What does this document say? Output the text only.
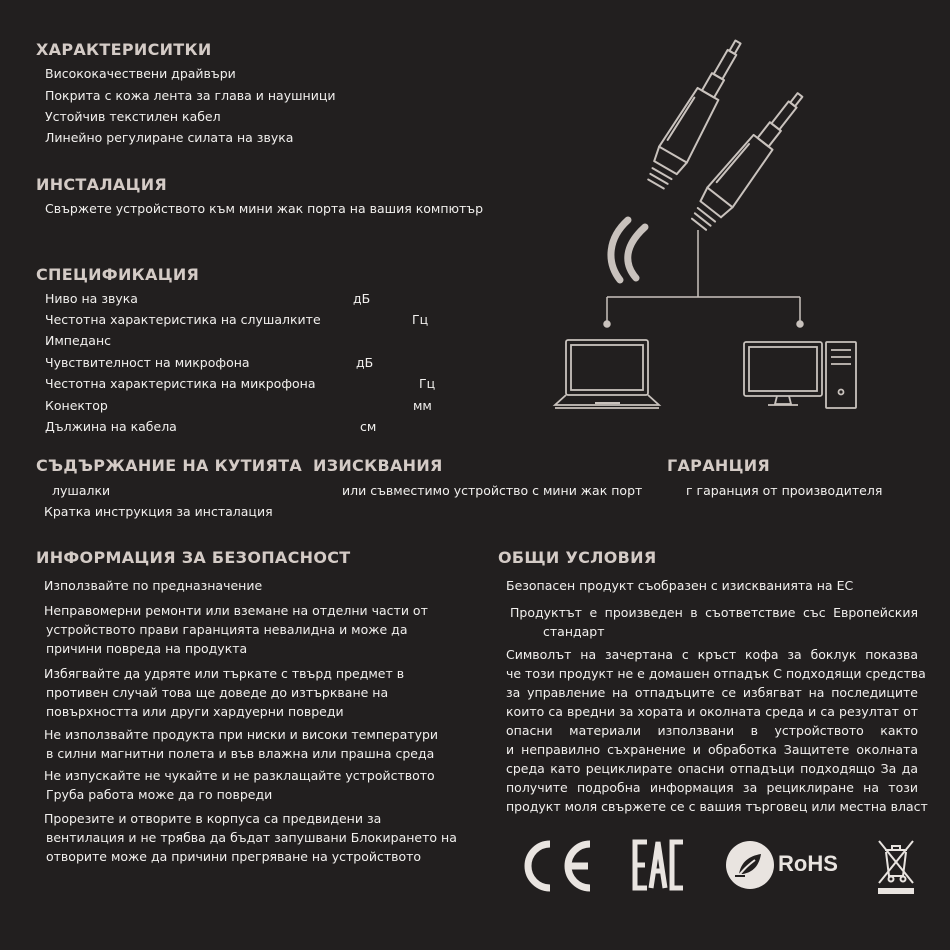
ХАРАКТЕРИСИТКИ
Висококачествени драйвъри
Покрита с кожа лента за глава и наушници
Устойчив текстилен кабел
Линейно регулиране силата на звука
ИНСТАЛАЦИЯ
Свържете устройството към мини жак порта на вашия компютър
СПЕЦИФИКАЦИЯ
Ниво на звука	дБ
Честотна характеристика на слушалките	Гц
Импеданс
Чувствителност на микрофона	дБ
Честотна характеристика на микрофона	Гц
Конектор	мм
Дължина на кабела	см
СЪДЪРЖАНИЕ НА КУТИЯТА
лушалки
Кратка инструкция за инсталация
ИЗИСКВАНИЯ
или съвместимо устройство с мини жак порт
ГАРАНЦИЯ
г гаранция от производителя
ИНФОРМАЦИЯ ЗА БЕЗОПАСНОСТ
Използвайте по предназначение
Неправомерни ремонти или вземане на отделни части от
устройството прави гаранцията невалидна и може да
причини повреда на продукта
Избягвайте да удряте или търкате с твърд предмет в
противен случай това ще доведе до изтъркване на
повърхността или други хардуерни повреди
Не използвайте продукта при ниски и високи температури
в силни магнитни полета и във влажна или прашна среда
Не изпускайте не чукайте и не разклащайте устройството
Груба работа може да го повреди
Прорезите и отворите в корпуса са предвидени за
вентилация и не трябва да бъдат запушвани Блокирането на
отворите може да причини прегряване на устройството
ОБЩИ УСЛОВИЯ
Безопасен продукт съобразен с изискванията на ЕС
Продуктът е произведен в съответствие със Европейския
стандарт
Символът на зачертана с кръст кофа за боклук показва
че този продукт не е домашен отпадък С подходящи средства
за управление на отпадъците се избягват на последиците
които са вредни за хората и околната среда и са резултат от
опасни материали използвани в устройството както
и неправилно съхранение и обработка Защитете околната
среда като рециклирате опасни отпадъци подходящо За да
получите подробна информация за рециклиране на този
продукт моля свържете се с вашия търговец или местна власт
RoHS
